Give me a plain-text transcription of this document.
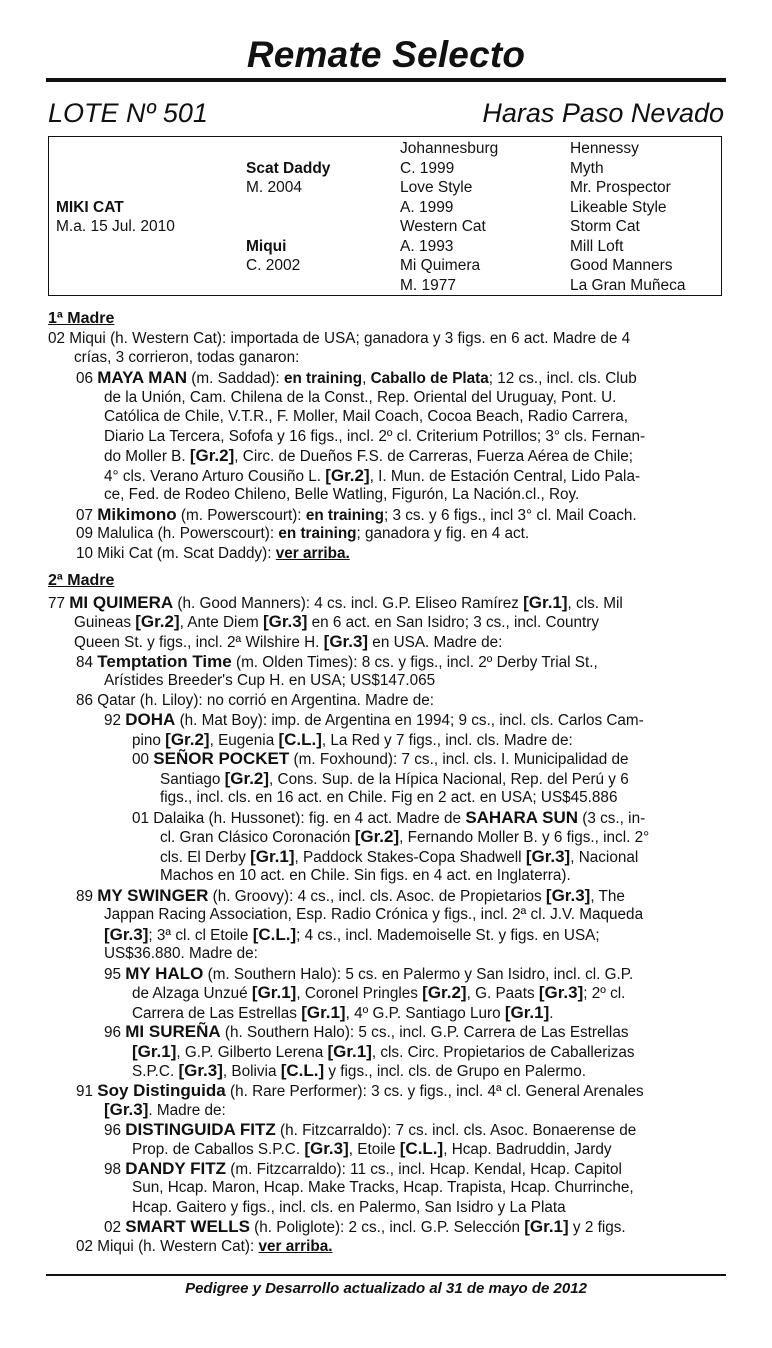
Remate Selecto
LOTE Nº 501	Haras Paso Nevado
MIKI CAT
M.a. 15 Jul. 2010
Scat Daddy
M. 2004
Miqui
C. 2002
Johannesburg
C. 1999
Love Style
A. 1999
Western Cat
A. 1993
Mi Quimera
M. 1977
Hennessy
Myth
Mr. Prospector
Likeable Style
Storm Cat
Mill Loft
Good Manners
La Gran Muñeca
1ª Madre
02 Miqui (h. Western Cat): importada de USA; ganadora y 3 figs. en 6 act. Madre de 4
crías, 3 corrieron, todas ganaron:
06 MAYA MAN (m. Saddad): en training, Caballo de Plata; 12 cs., incl. cls. Club
de la Unión, Cam. Chilena de la Const., Rep. Oriental del Uruguay, Pont. U.
Católica de Chile, V.T.R., F. Moller, Mail Coach, Cocoa Beach, Radio Carrera,
Diario La Tercera, Sofofa y 16 figs., incl. 2º cl. Criterium Potrillos; 3° cls. Fernan-
do Moller B. [Gr.2], Circ. de Dueños F.S. de Carreras, Fuerza Aérea de Chile;
4° cls. Verano Arturo Cousiño L. [Gr.2], I. Mun. de Estación Central, Lido Pala-
ce, Fed. de Rodeo Chileno, Belle Watling, Figurón, La Nación.cl., Roy.
07 Mikimono (m. Powerscourt): en training; 3 cs. y 6 figs., incl 3° cl. Mail Coach.
09 Malulica (h. Powerscourt): en training; ganadora y fig. en 4 act.
10 Miki Cat (m. Scat Daddy): ver arriba.
2ª Madre
77 MI QUIMERA (h. Good Manners): 4 cs. incl. G.P. Eliseo Ramírez [Gr.1], cls. Mil
Guineas [Gr.2], Ante Diem [Gr.3] en 6 act. en San Isidro; 3 cs., incl. Country
Queen St. y figs., incl. 2ª Wilshire H. [Gr.3] en USA. Madre de:
84 Temptation Time (m. Olden Times): 8 cs. y figs., incl. 2º Derby Trial St.,
Arístides Breeder's Cup H. en USA; US$147.065
86 Qatar (h. Liloy): no corrió en Argentina. Madre de:
92 DOHA (h. Mat Boy): imp. de Argentina en 1994; 9 cs., incl. cls. Carlos Cam-
pino [Gr.2], Eugenia [C.L.], La Red y 7 figs., incl. cls. Madre de:
00 SEÑOR POCKET (m. Foxhound): 7 cs., incl. cls. I. Municipalidad de
Santiago [Gr.2], Cons. Sup. de la Hípica Nacional, Rep. del Perú y 6
figs., incl. cls. en 16 act. en Chile. Fig en 2 act. en USA; US$45.886
01 Dalaika (h. Hussonet): fig. en 4 act. Madre de SAHARA SUN (3 cs., in-
cl. Gran Clásico Coronación [Gr.2], Fernando Moller B. y 6 figs., incl. 2°
cls. El Derby [Gr.1], Paddock Stakes-Copa Shadwell [Gr.3], Nacional
Machos en 10 act. en Chile. Sin figs. en 4 act. en Inglaterra).
89 MY SWINGER (h. Groovy): 4 cs., incl. cls. Asoc. de Propietarios [Gr.3], The
Jappan Racing Association, Esp. Radio Crónica y figs., incl. 2ª cl. J.V. Maqueda
[Gr.3]; 3ª cl. cl Etoile [C.L.]; 4 cs., incl. Mademoiselle St. y figs. en USA;
US$36.880. Madre de:
95 MY HALO (m. Southern Halo): 5 cs. en Palermo y San Isidro, incl. cl. G.P.
de Alzaga Unzué [Gr.1], Coronel Pringles [Gr.2], G. Paats [Gr.3]; 2º cl.
Carrera de Las Estrellas [Gr.1], 4º G.P. Santiago Luro [Gr.1].
96 MI SUREÑA (h. Southern Halo): 5 cs., incl. G.P. Carrera de Las Estrellas
[Gr.1], G.P. Gilberto Lerena [Gr.1], cls. Circ. Propietarios de Caballerizas
S.P.C. [Gr.3], Bolivia [C.L.] y figs., incl. cls. de Grupo en Palermo.
91 Soy Distinguida (h. Rare Performer): 3 cs. y figs., incl. 4ª cl. General Arenales
[Gr.3]. Madre de:
96 DISTINGUIDA FITZ (h. Fitzcarraldo): 7 cs. incl. cls. Asoc. Bonaerense de
Prop. de Caballos S.P.C. [Gr.3], Etoile [C.L.], Hcap. Badruddin, Jardy
98 DANDY FITZ (m. Fitzcarraldo): 11 cs., incl. Hcap. Kendal, Hcap. Capitol
Sun, Hcap. Maron, Hcap. Make Tracks, Hcap. Trapista, Hcap. Churrinche,
Hcap. Gaitero y figs., incl. cls. en Palermo, San Isidro y La Plata
02 SMART WELLS (h. Poliglote): 2 cs., incl. G.P. Selección [Gr.1] y 2 figs.
02 Miqui (h. Western Cat): ver arriba.
Pedigree y Desarrollo actualizado al 31 de mayo de 2012
